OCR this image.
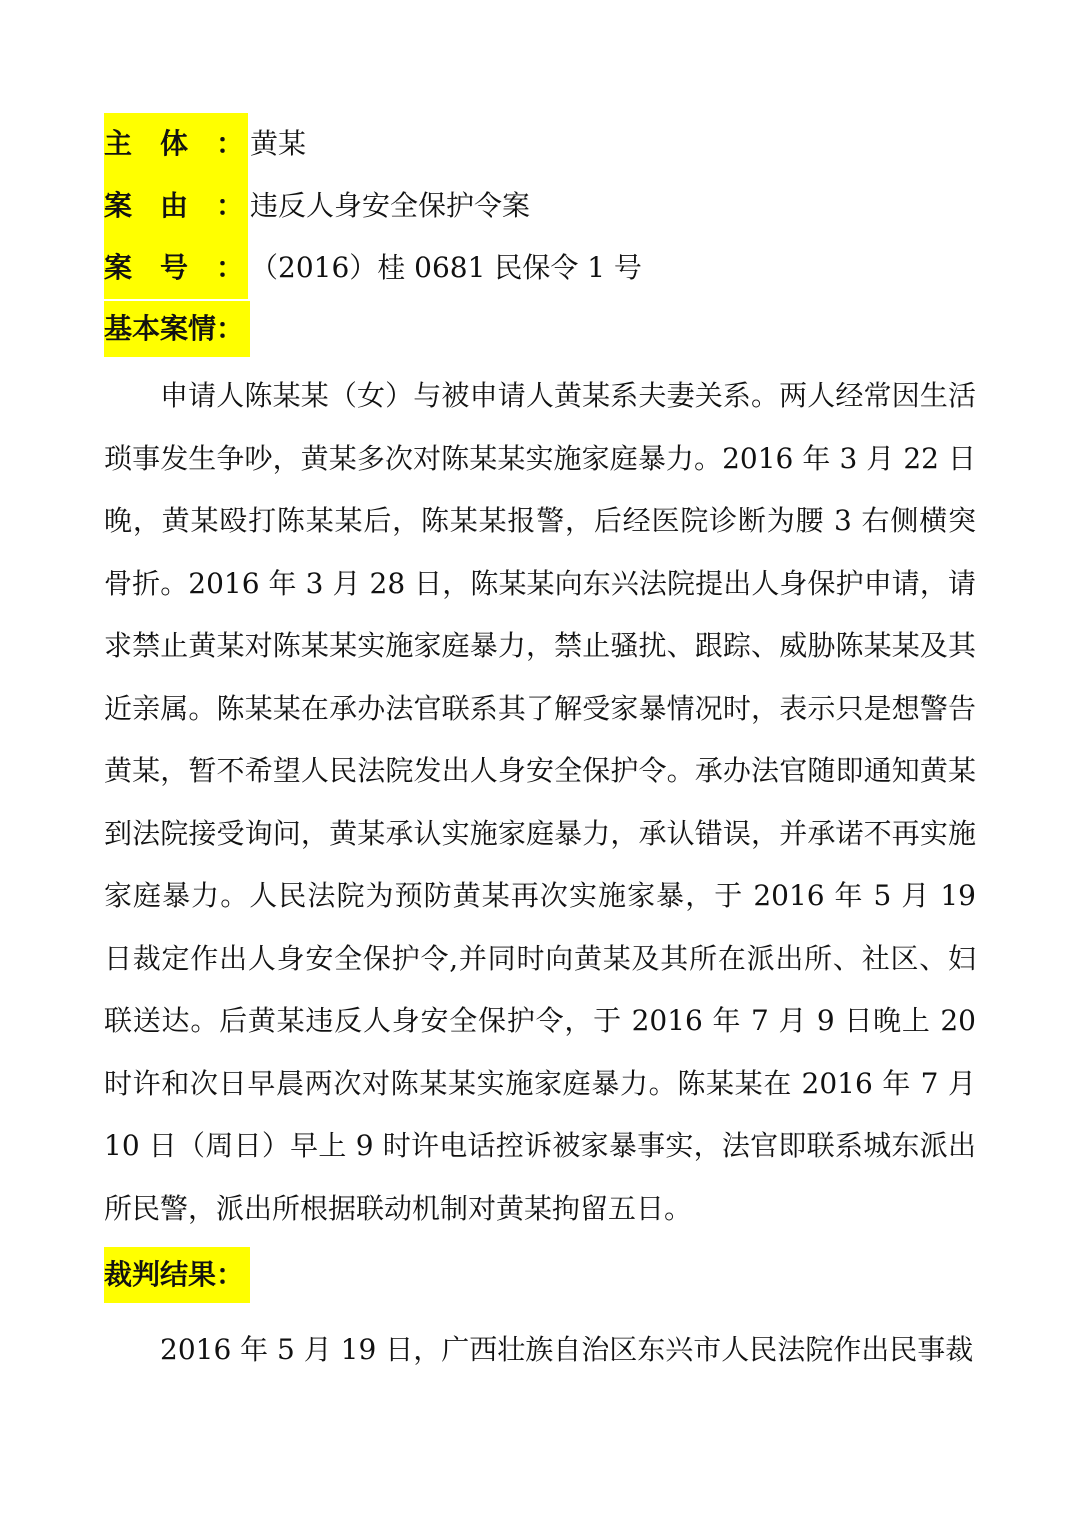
主 体 ： 黄某
案 由 ： 违反人身安全保护令案
案 号 ： （2016）桂 0681 民保令 1 号
基本案情：

申请人陈某某（女）与被申请人黄某系夫妻关系。两人经常因生活琐事发生争吵，黄某多次对陈某某实施家庭暴力。2016 年 3 月 22 日晚，黄某殴打陈某某后，陈某某报警，后经医院诊断为腰 3 右侧横突骨折。2016 年 3 月 28 日，陈某某向东兴法院提出人身保护申请，请求禁止黄某对陈某某实施家庭暴力，禁止骚扰、跟踪、威胁陈某某及其近亲属。陈某某在承办法官联系其了解受家暴情况时，表示只是想警告黄某，暂不希望人民法院发出人身安全保护令。承办法官随即通知黄某到法院接受询问，黄某承认实施家庭暴力，承认错误，并承诺不再实施家庭暴力。人民法院为预防黄某再次实施家暴，于 2016 年 5 月 19 日裁定作出人身安全保护令,并同时向黄某及其所在派出所、社区、妇联送达。后黄某违反人身安全保护令，于 2016 年 7 月 9 日晚上 20 时许和次日早晨两次对陈某某实施家庭暴力。陈某某在 2016 年 7 月 10 日（周日）早上 9 时许电话控诉被家暴事实，法官即联系城东派出所民警，派出所根据联动机制对黄某拘留五日。

裁判结果：

2016 年 5 月 19 日，广西壮族自治区东兴市人民法院作出民事裁
